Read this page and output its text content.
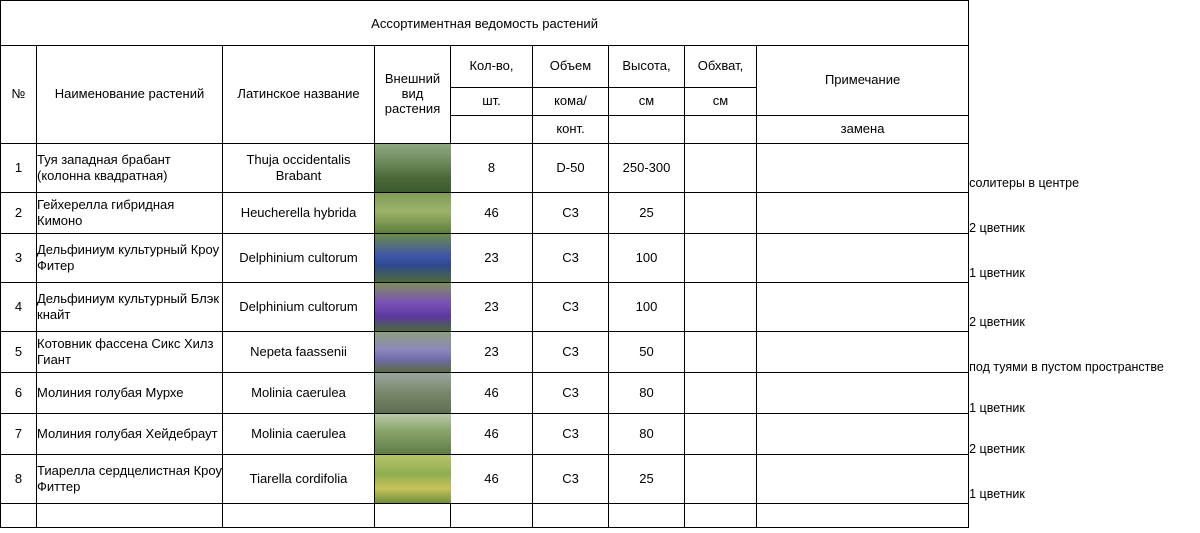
Ассортиментная ведомость растений									
№	Наименование растений	Латинское название	Внешний вид растения	Кол-во,	Объем	Высота,	Обхват,	Примечание	
				шт.	кома/	см	см		
					конт.			замена	
1	Туя западная брабант (колонна квадратная)	Thuja occidentalis Brabant		8	D-50	250-300			солитеры в центре
2	Гейхерелла гибридная Кимоно	Heucherella hybrida		46	С3	25			2 цветник
3	Дельфиниум культурный Кроу Фитер	Delphinium cultorum		23	С3	100			1 цветник
4	Дельфиниум культурный Блэк кнайт	Delphinium cultorum		23	С3	100			2 цветник
5	Котовник фассена Сикс Хилз Гиант	Nepeta faassenii		23	С3	50			под туями в пустом пространстве
6	Молиния голубая Мурхе	Molinia caerulea		46	С3	80			1 цветник
7	Молиния голубая Хейдебраут	Molinia caerulea		46	С3	80			2 цветник
8	Тиарелла сердцелистная Кроу Фиттер	Tiarella cordifolia		46	С3	25			1 цветник
